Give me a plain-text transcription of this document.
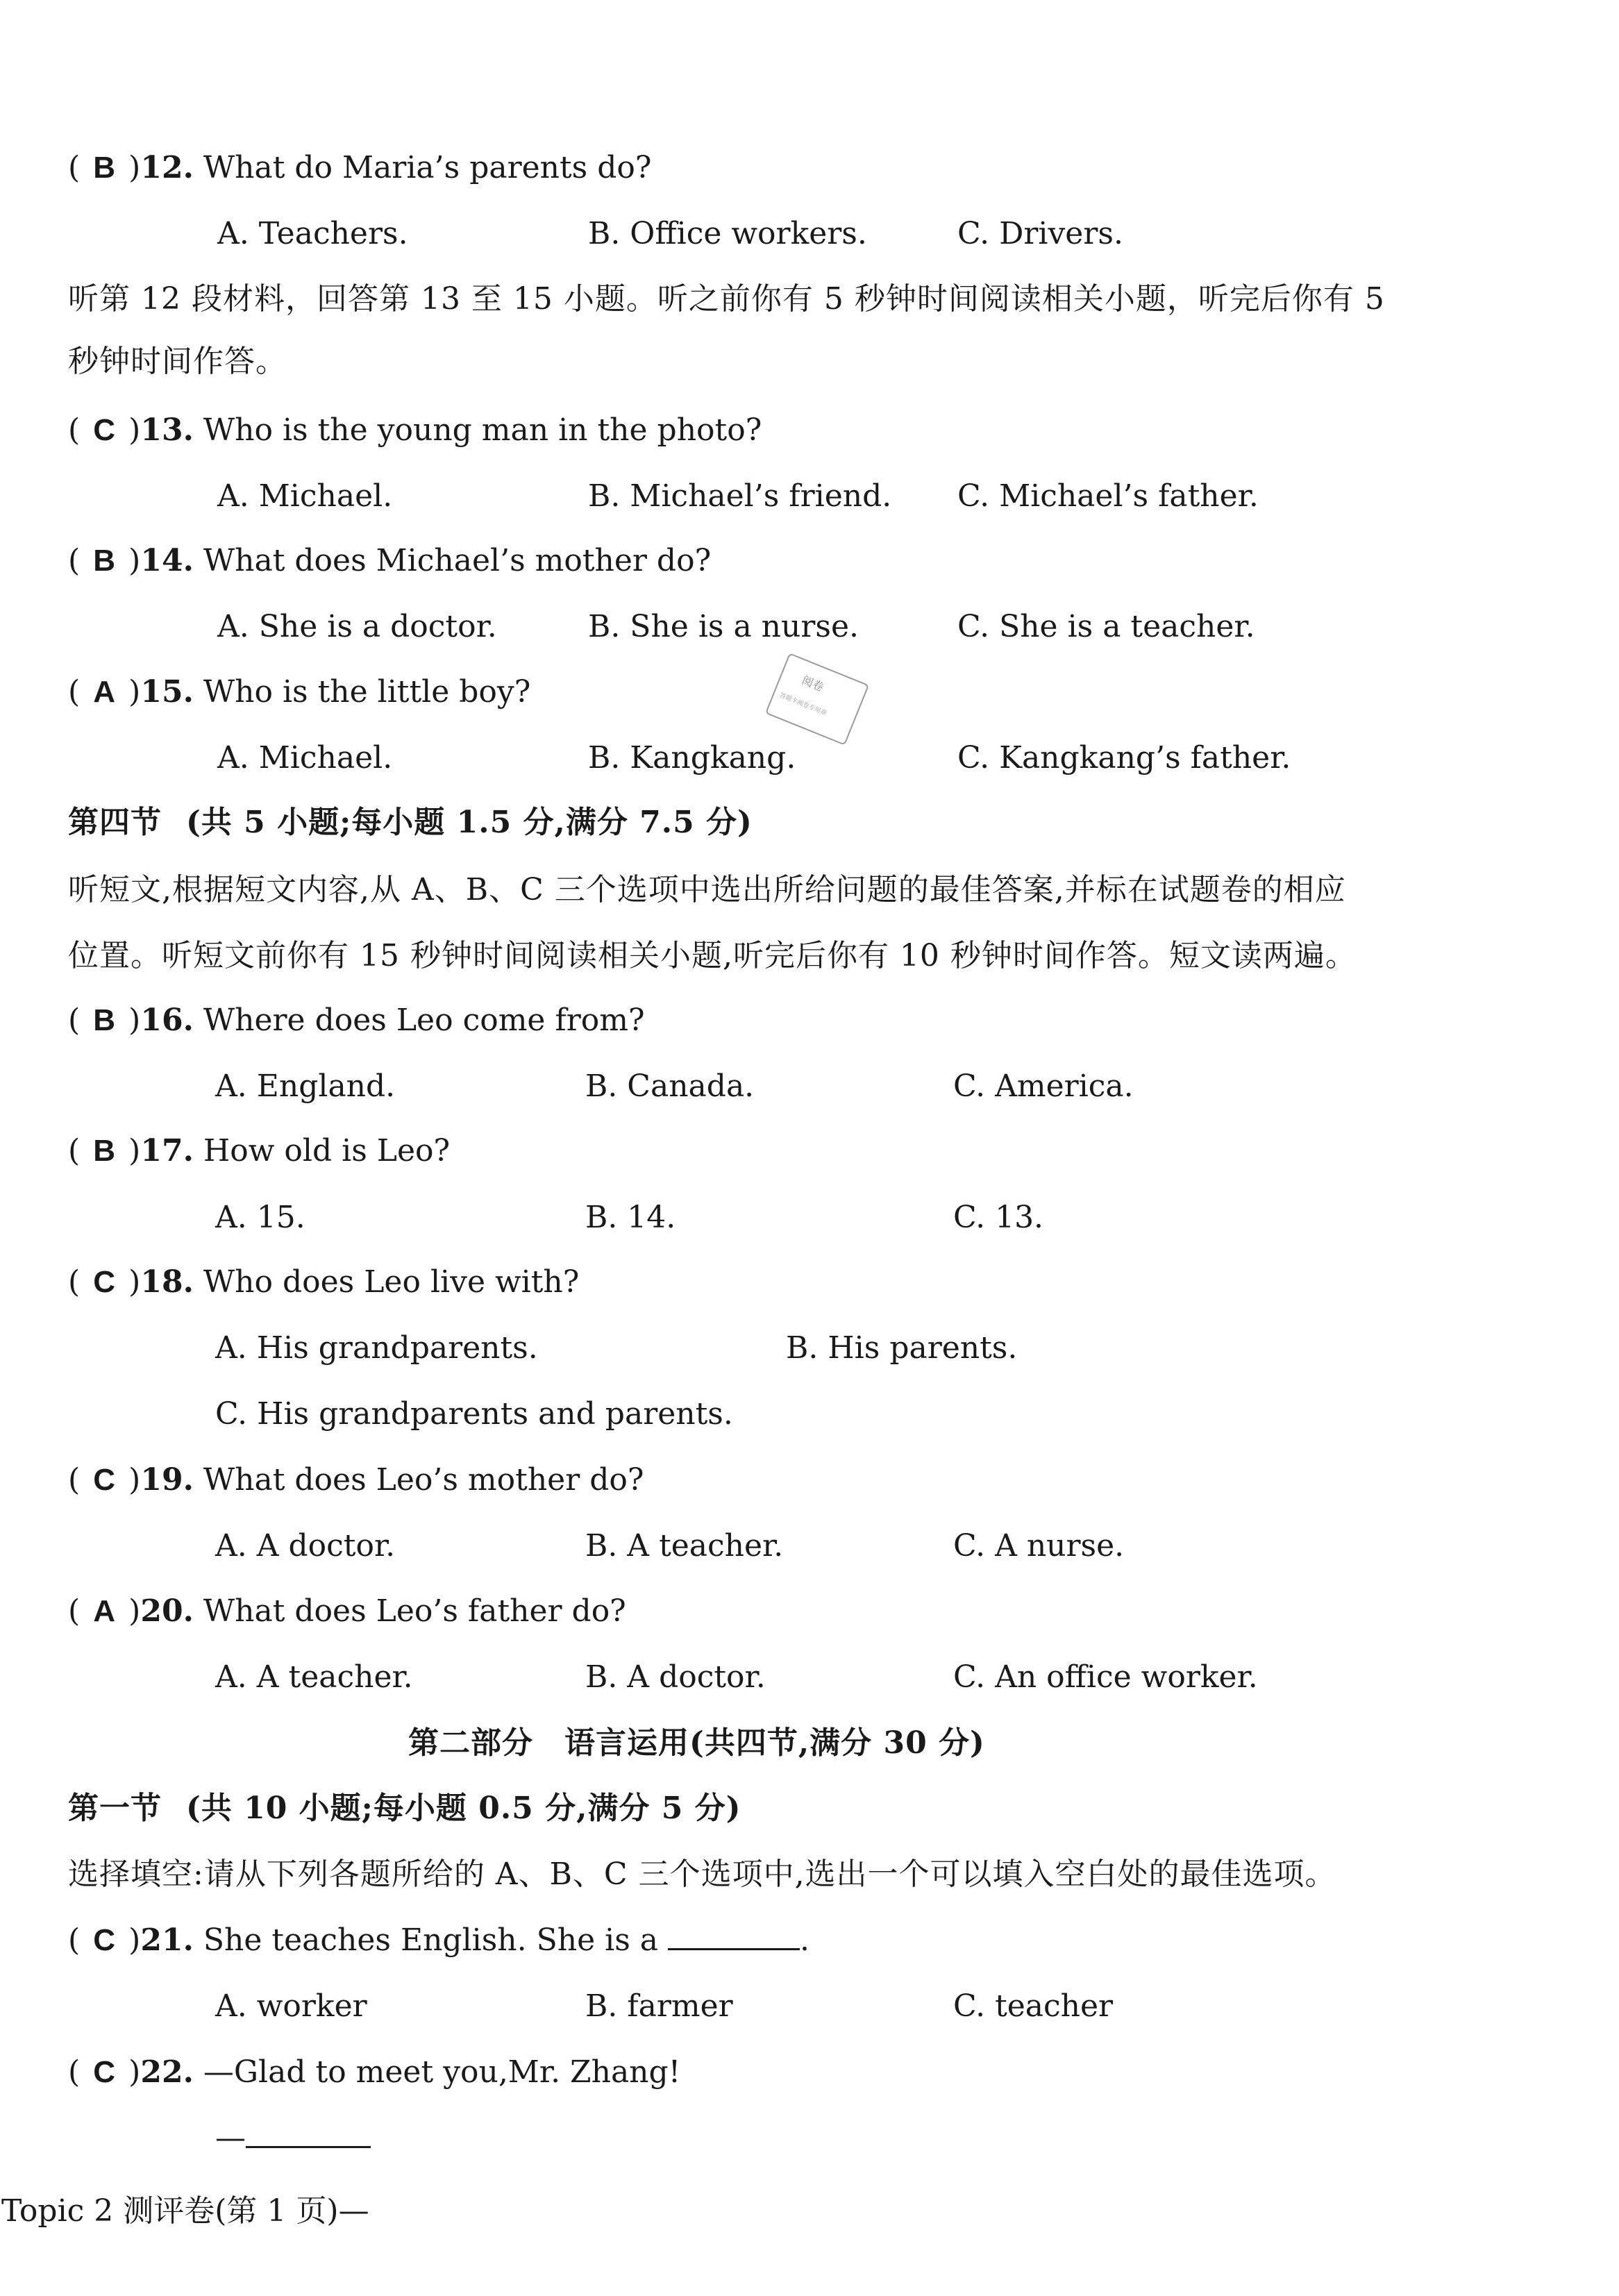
( B )12. What do Maria’s parents do?
A. Teachers.	B. Office workers.	C. Drivers.
听第 12 段材料，回答第 13 至 15 小题。听之前你有 5 秒钟时间阅读相关小题，听完后你有 5
秒钟时间作答。
( C )13. Who is the young man in the photo?
A. Michael.	B. Michael’s friend. C. Michael’s father.
( B )14. What does Michael’s mother do?
A. She is a doctor.	B. She is a nurse.	C. She is a teacher.
( A )15. Who is the little boy?
A. Michael.	B. Kangkang.	C. Kangkang’s father.
阅卷
答题卡阅卷专用章
第四节 (共 5 小题;每小题 1.5 分,满分 7.5 分)
听短文,根据短文内容,从 A、B、C 三个选项中选出所给问题的最佳答案,并标在试题卷的相应
位置。听短文前你有 15 秒钟时间阅读相关小题,听完后你有 10 秒钟时间作答。短文读两遍。
( B )16. Where does Leo come from?
A. England.	B. Canada.	C. America.
( B )17. How old is Leo?
A. 15.	B. 14.	C. 13.
( C )18. Who does Leo live with?
A. His grandparents.	B. His parents.
C. His grandparents and parents.
( C )19. What does Leo’s mother do?
A. A doctor.	B. A teacher.	C. A nurse.
( A )20. What does Leo’s father do?
A. A teacher.	B. A doctor.	C. An office worker.
第二部分 语言运用(共四节,满分 30 分)
第一节 (共 10 小题;每小题 0.5 分,满分 5 分)
选择填空:请从下列各题所给的 A、B、C 三个选项中,选出一个可以填入空白处的最佳选项。
( C )21. She teaches English. She is a	.
A. worker	B. farmer	C. teacher
( C )22. —Glad to meet you,Mr. Zhang!
—
Topic 2 测评卷(第 1 页)—
